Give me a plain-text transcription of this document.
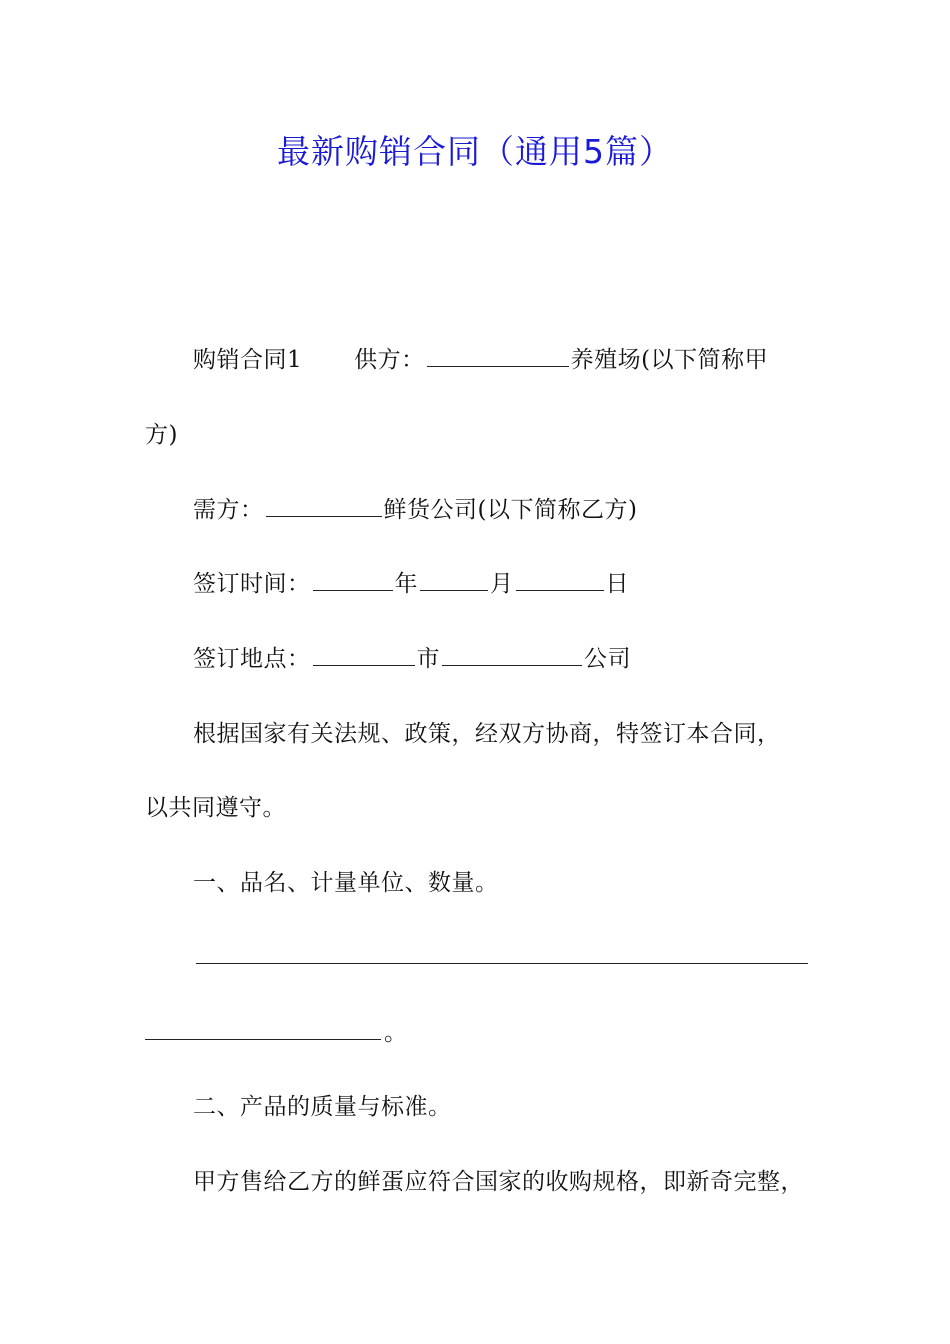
最新购销合同（通用5篇）
购销合同1 供方：	养殖场(以下简称甲
方)
需方：	鲜货公司(以下简称乙方)
签订时间：	年	月	日
签订地点：	市	公司
根据国家有关法规、政策，经双方协商，特签订本合同，
以共同遵守。
一、品名、计量单位、数量。
。
二、产品的质量与标准。
甲方售给乙方的鲜蛋应符合国家的收购规格，即新奇完整，
